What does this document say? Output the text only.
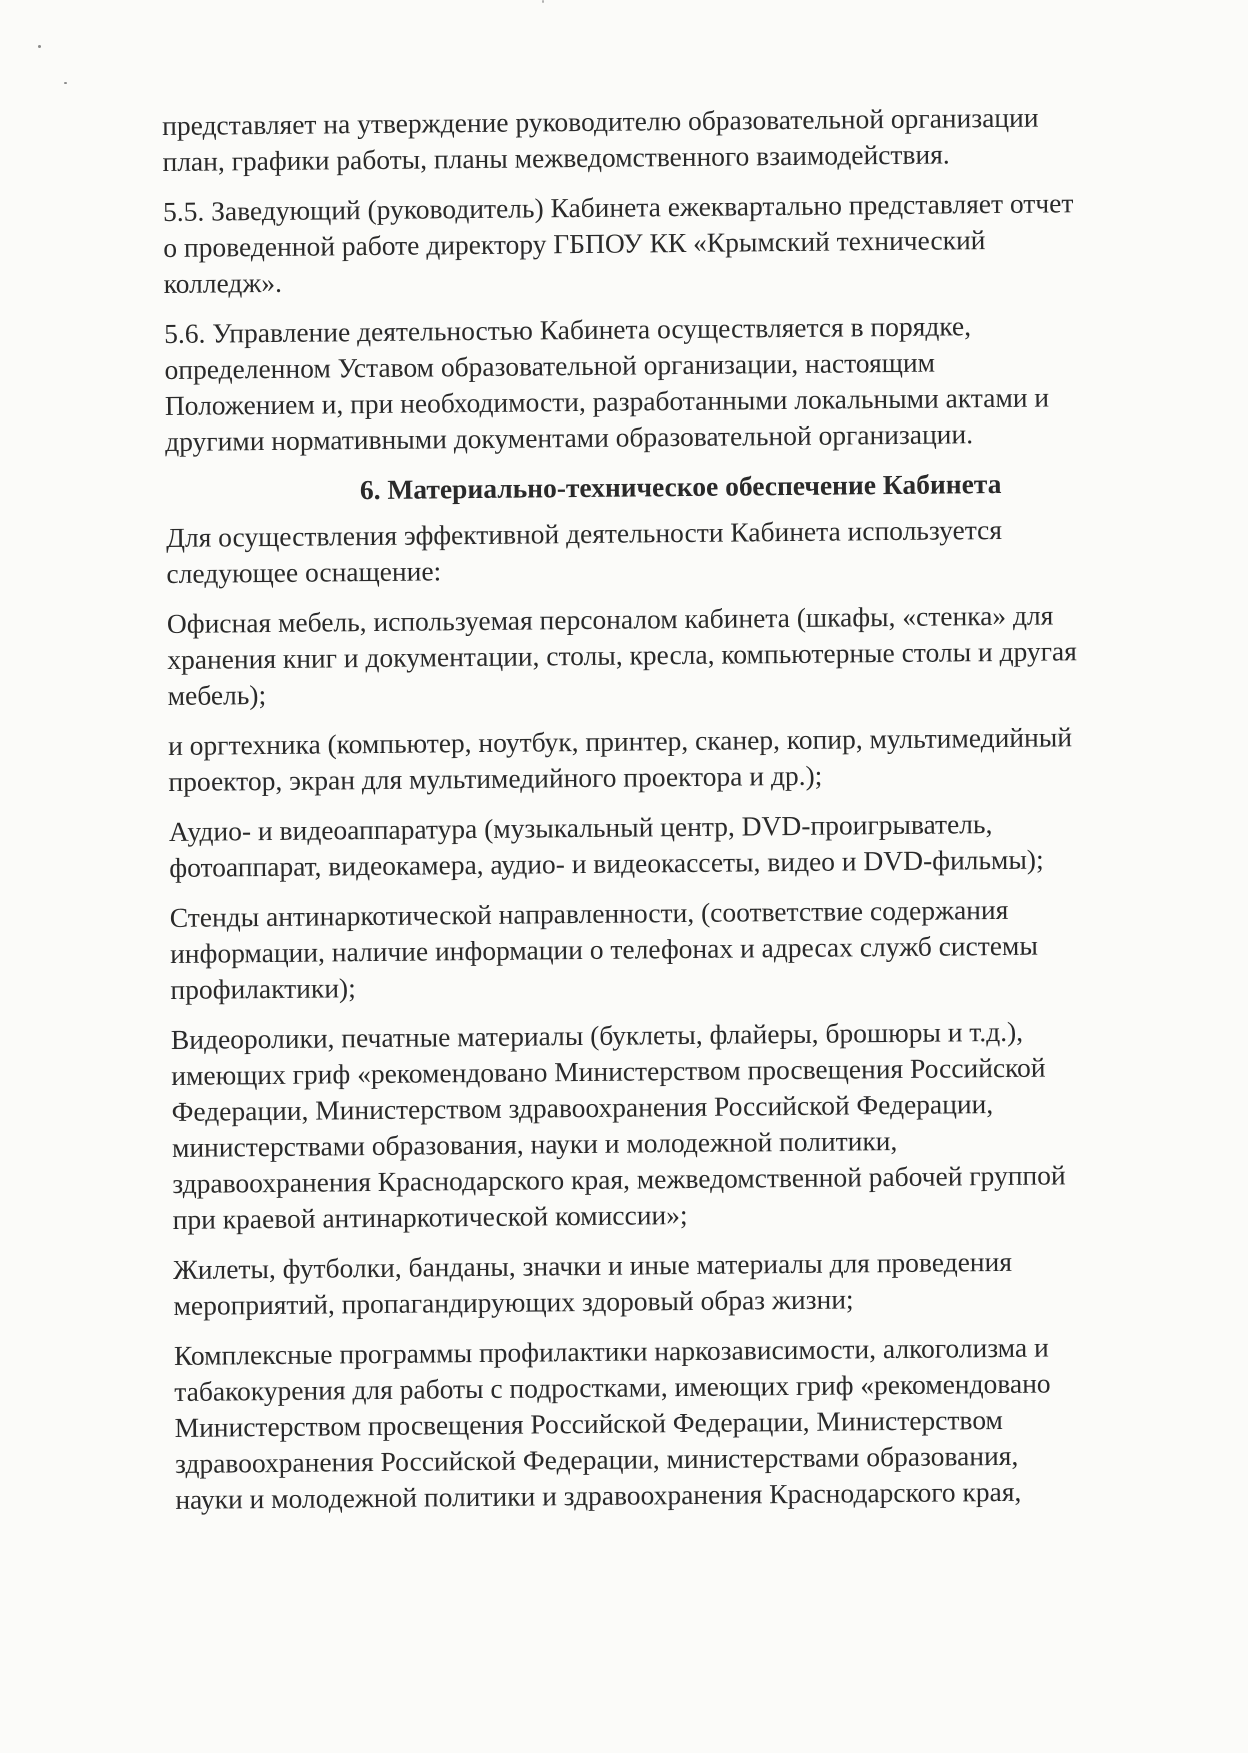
представляет на утверждение руководителю образовательной организации
план, графики работы, планы межведомственного взаимодействия.

5.5. Заведующий (руководитель) Кабинета ежеквартально представляет отчет
о проведенной работе директору ГБПОУ КК «Крымский технический
колледж».

5.6. Управление деятельностью Кабинета осуществляется в порядке,
определенном Уставом образовательной организации, настоящим
Положением и, при необходимости, разработанными локальными актами и
другими нормативными документами образовательной организации.

6. Материально-техническое обеспечение Кабинета

Для осуществления эффективной деятельности Кабинета используется
следующее оснащение:

Офисная мебель, используемая персоналом кабинета (шкафы, «стенка» для
хранения книг и документации, столы, кресла, компьютерные столы и другая
мебель);

и оргтехника (компьютер, ноутбук, принтер, сканер, копир, мультимедийный
проектор, экран для мультимедийного проектора и др.);

Аудио- и видеоаппаратура (музыкальный центр, DVD-проигрыватель,
фотоаппарат, видеокамера, аудио- и видеокассеты, видео и DVD-фильмы);

Стенды антинаркотической направленности, (соответствие содержания
информации, наличие информации о телефонах и адресах служб системы
профилактики);

Видеоролики, печатные материалы (буклеты, флайеры, брошюры и т.д.),
имеющих гриф «рекомендовано Министерством просвещения Российской
Федерации, Министерством здравоохранения Российской Федерации,
министерствами образования, науки и молодежной политики,
здравоохранения Краснодарского края, межведомственной рабочей группой
при краевой антинаркотической комиссии»;

Жилеты, футболки, банданы, значки и иные материалы для проведения
мероприятий, пропагандирующих здоровый образ жизни;

Комплексные программы профилактики наркозависимости, алкоголизма и
табакокурения для работы с подростками, имеющих гриф «рекомендовано
Министерством просвещения Российской Федерации, Министерством
здравоохранения Российской Федерации, министерствами образования,
науки и молодежной политики и здравоохранения Краснодарского края,
